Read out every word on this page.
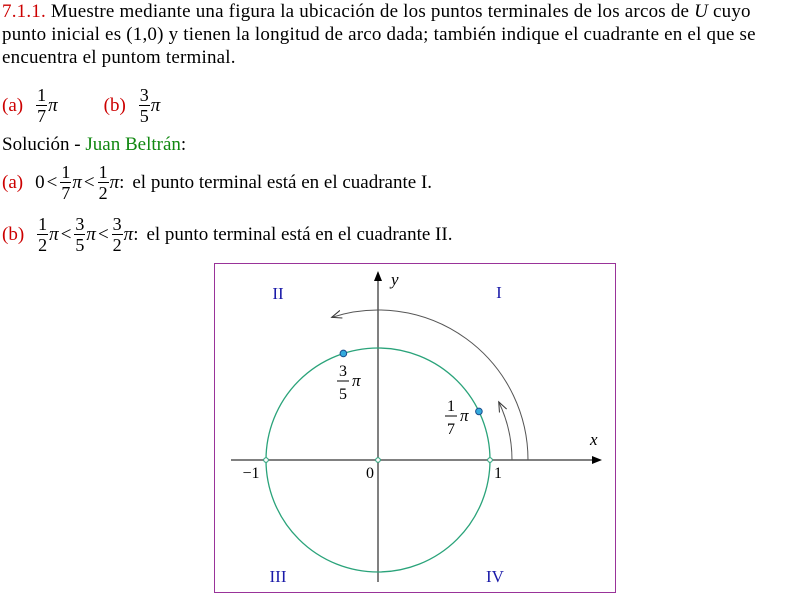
7.1.1. Muestre mediante una figura la ubicación de los puntos terminales de los arcos de U cuyo punto inicial es (1,0) y tienen la longitud de arco dada; también indique el cuadrante en el que se encuentra el puntom terminal.
$(a) \frac{1}{7}$ π $(b) \frac{3}{5}$ π
Solución - Juan Beltrán:
(a) $0 < \frac{1}{7}$ $\pi < \frac{1}{2}$ π : el punto terminal está en el cuadrante I.
$(b) \frac{1}{2}$ $\pi < \frac{3}{5}$ $\pi < \frac{3}{2}$ π : el punto terminal está en el cuadrante II.
I
II
III	IV
x
y
0	1
−1
1
7
π
3
5
π
